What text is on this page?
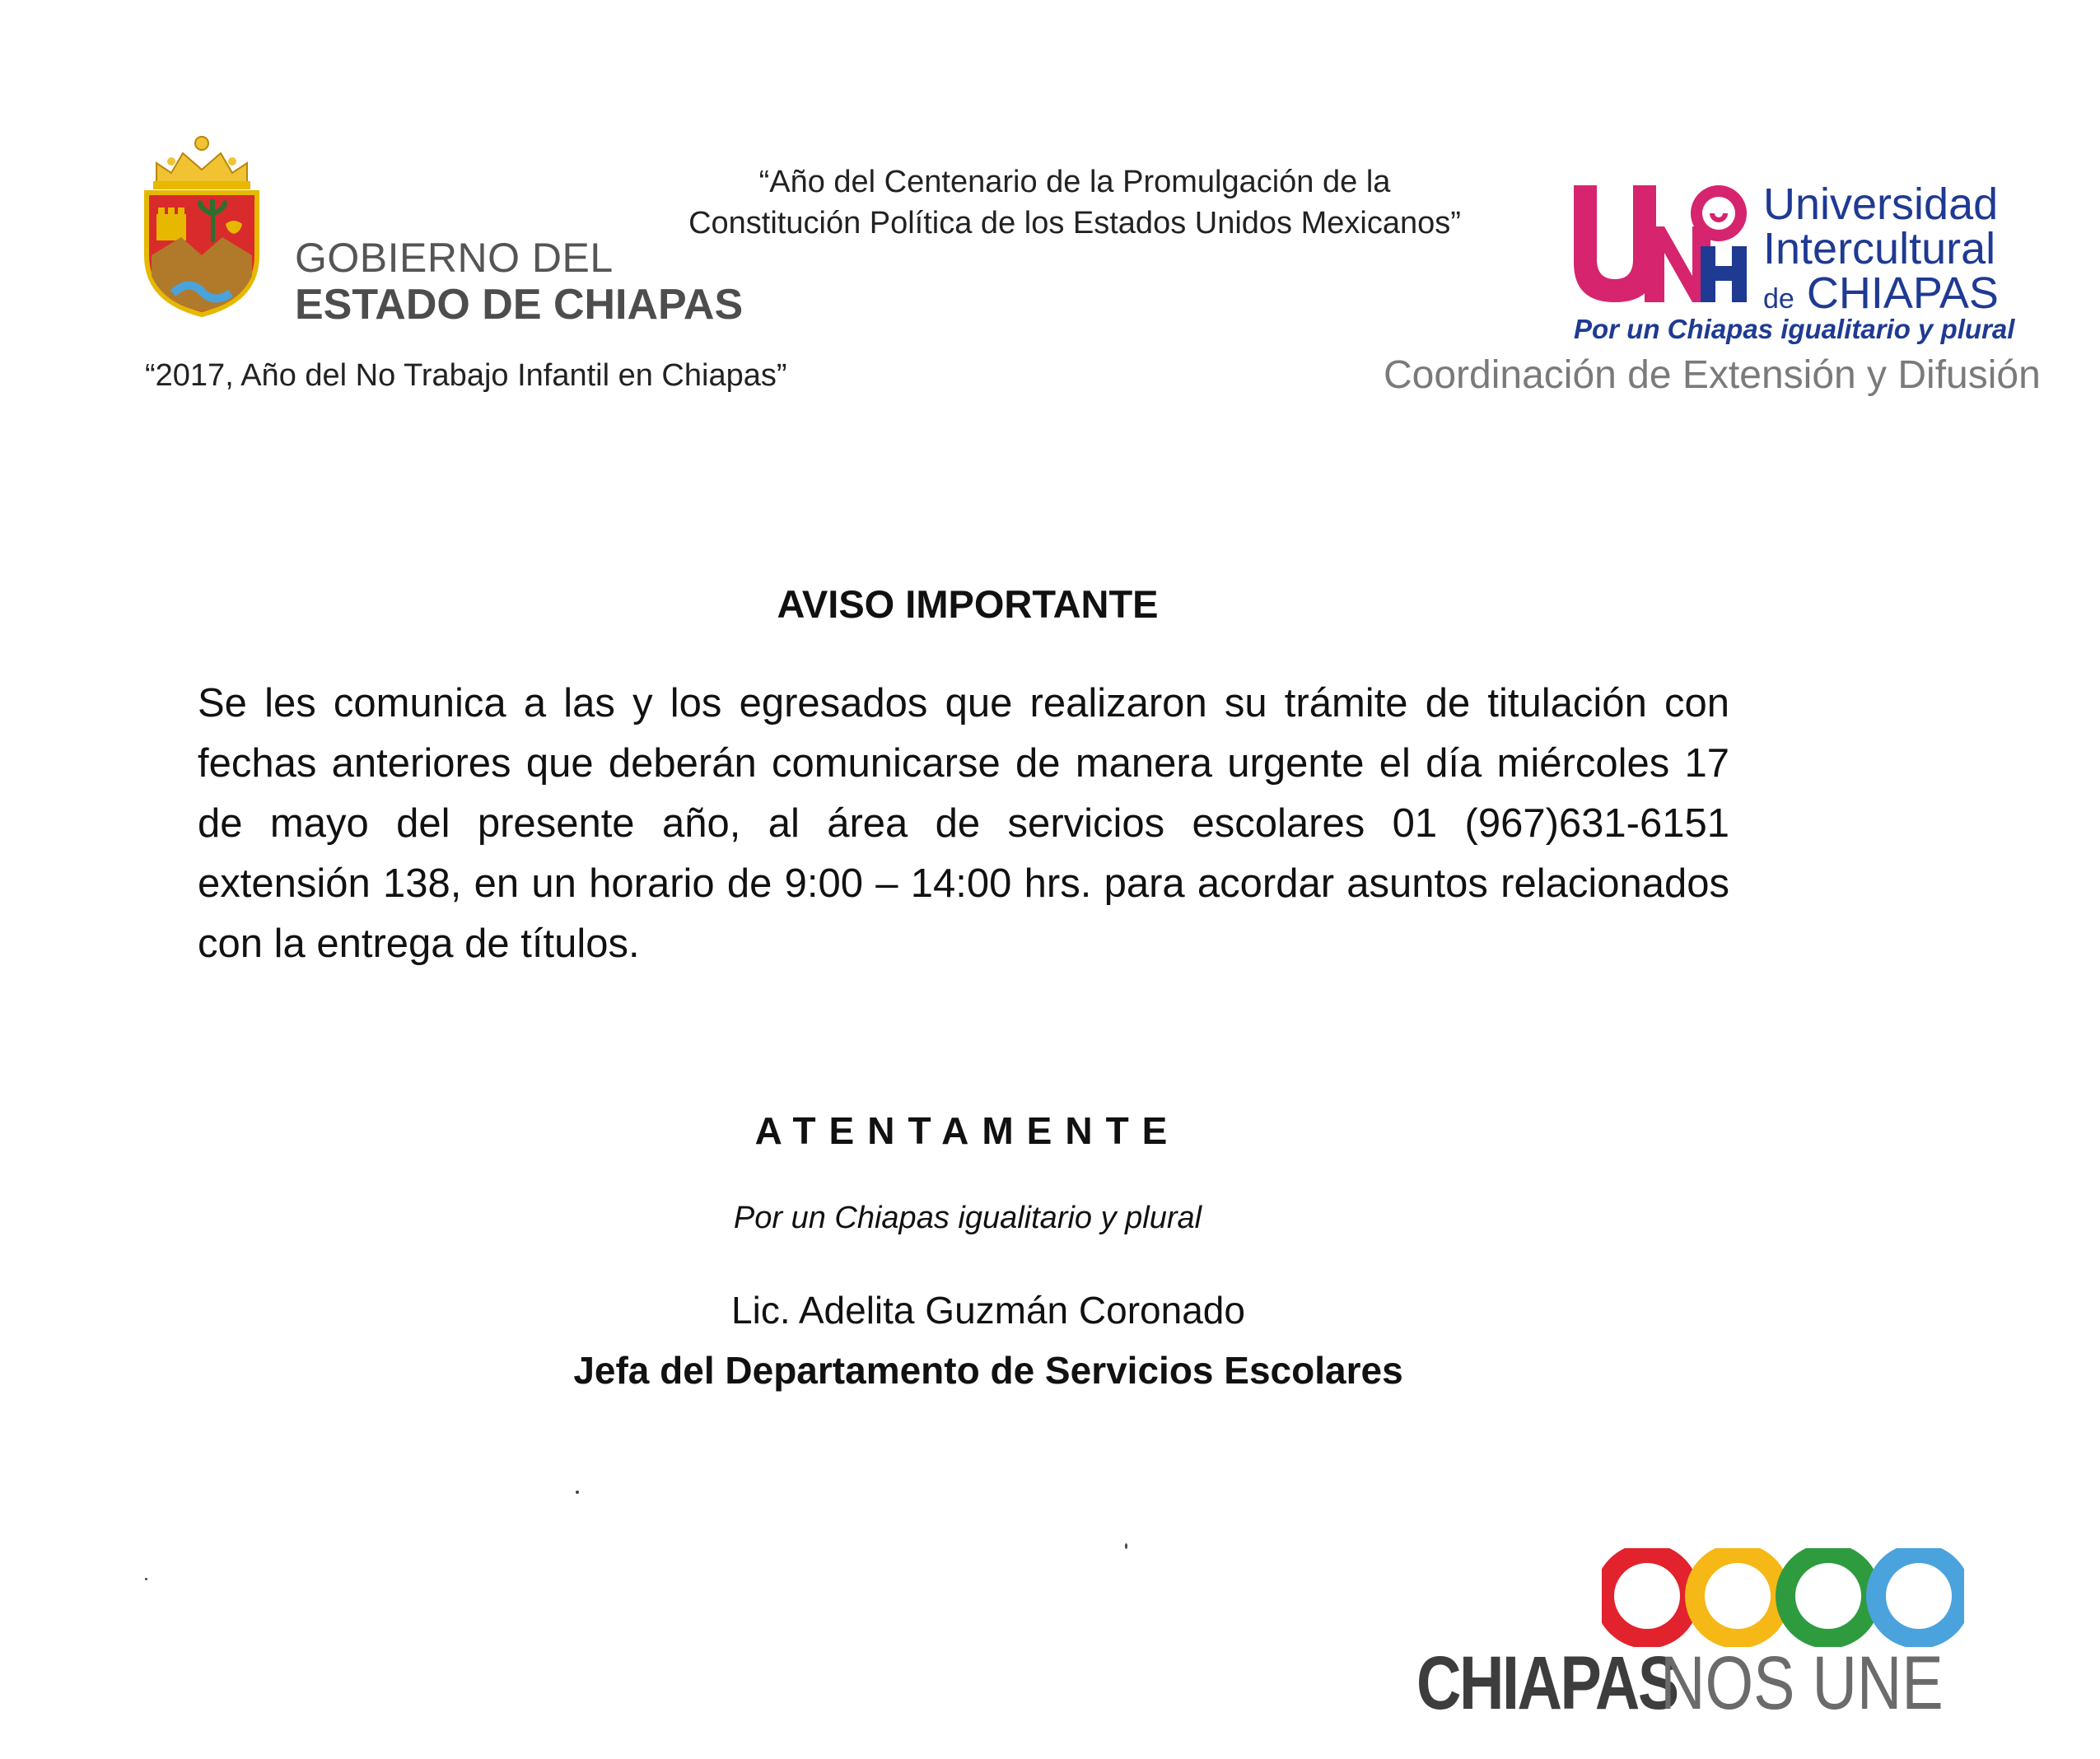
GOBIERNO DEL
ESTADO DE CHIAPAS
“2017, Año del No Trabajo Infantil en Chiapas”
“Año del Centenario de la Promulgación de la
Constitución Política de los Estados Unidos Mexicanos”	Universidad
Intercultural
de CHIAPAS
Por un Chiapas igualitario y plural
Coordinación de Extensión y Difusión
AVISO IMPORTANTE
Se les comunica a las y los egresados que realizaron su trámite de titulación con fechas anteriores que deberán comunicarse de manera urgente el día miércoles 17 de mayo del presente año, al área de servicios escolares 01 (967)631-6151 extensión 138, en un horario de 9:00 – 14:00 hrs. para acordar asuntos relacionados con la entrega de títulos.
ATENTAMENTE
Por un Chiapas igualitario y plural
Lic. Adelita Guzmán Coronado
Jefa del Departamento de Servicios Escolares
CHIAPASNOS UNE
